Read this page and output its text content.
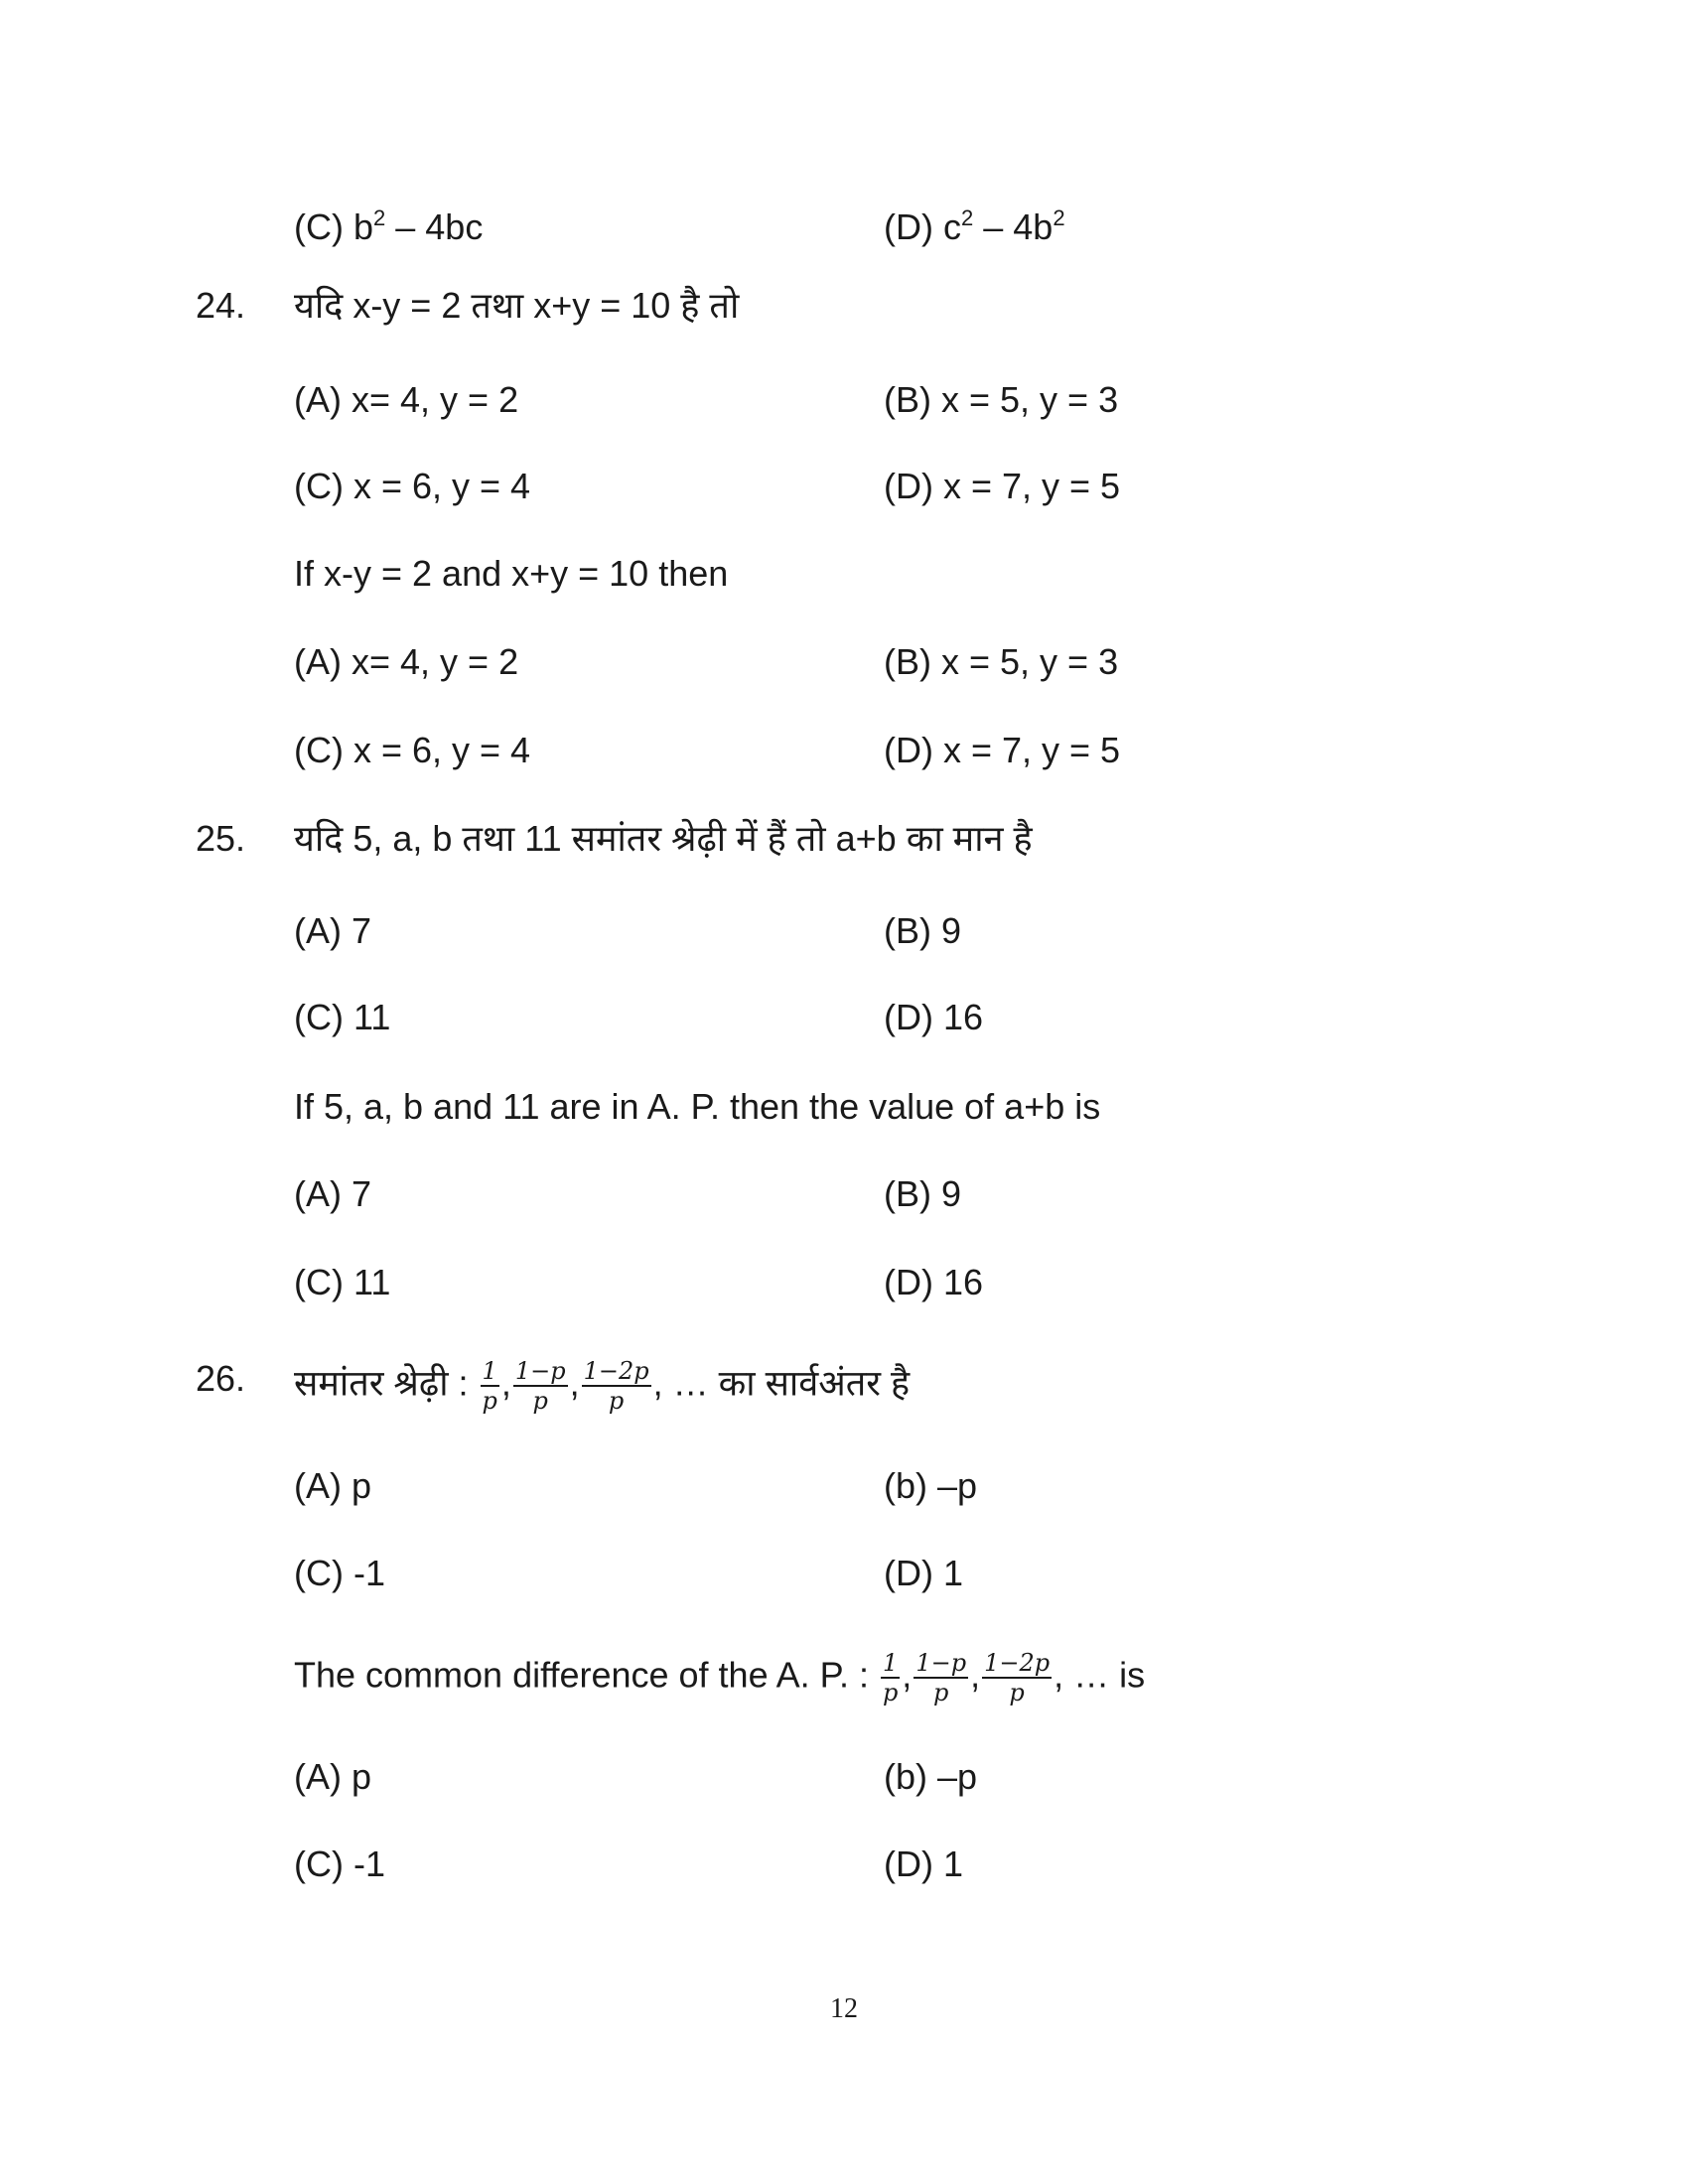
(C) $b^2 - 4bc$	(D) $c^2 - 4b^2$
24. यदि x-y = 2 तथा x+y = 10 है तो
(A) x= 4, y = 2	(B) x = 5, y = 3
(C) x = 6, y = 4	(D) x = 7, y = 5
If x-y = 2 and x+y = 10 then
(A) x= 4, y = 2	(B) x = 5, y = 3
(C) x = 6, y = 4	(D) x = 7, y = 5
25. यदि 5, a, b तथा 11 समांतर श्रेढ़ी में हैं तो a+b का मान है
(A) 7	(B) 9
(C) 11	(D) 16
If 5, a, b and 11 are in A. P. then the value of a+b is
(A) 7	(B) 9
(C) 11	(D) 16
26. समांतर श्रेढ़ी : $\frac{1}{p}$ , $\frac{1-p}{p}$ , $\frac{1-2p}{p}$ , … का सार्वअंतर है
(A) p	(b) –p
(C) -1	(D) 1
The common difference of the A. P. : $\frac{1}{p}$ , $\frac{1-p}{p}$ , $\frac{1-2p}{p}$ , … is
(A) p	(b) –p
(C) -1	(D) 1
12
